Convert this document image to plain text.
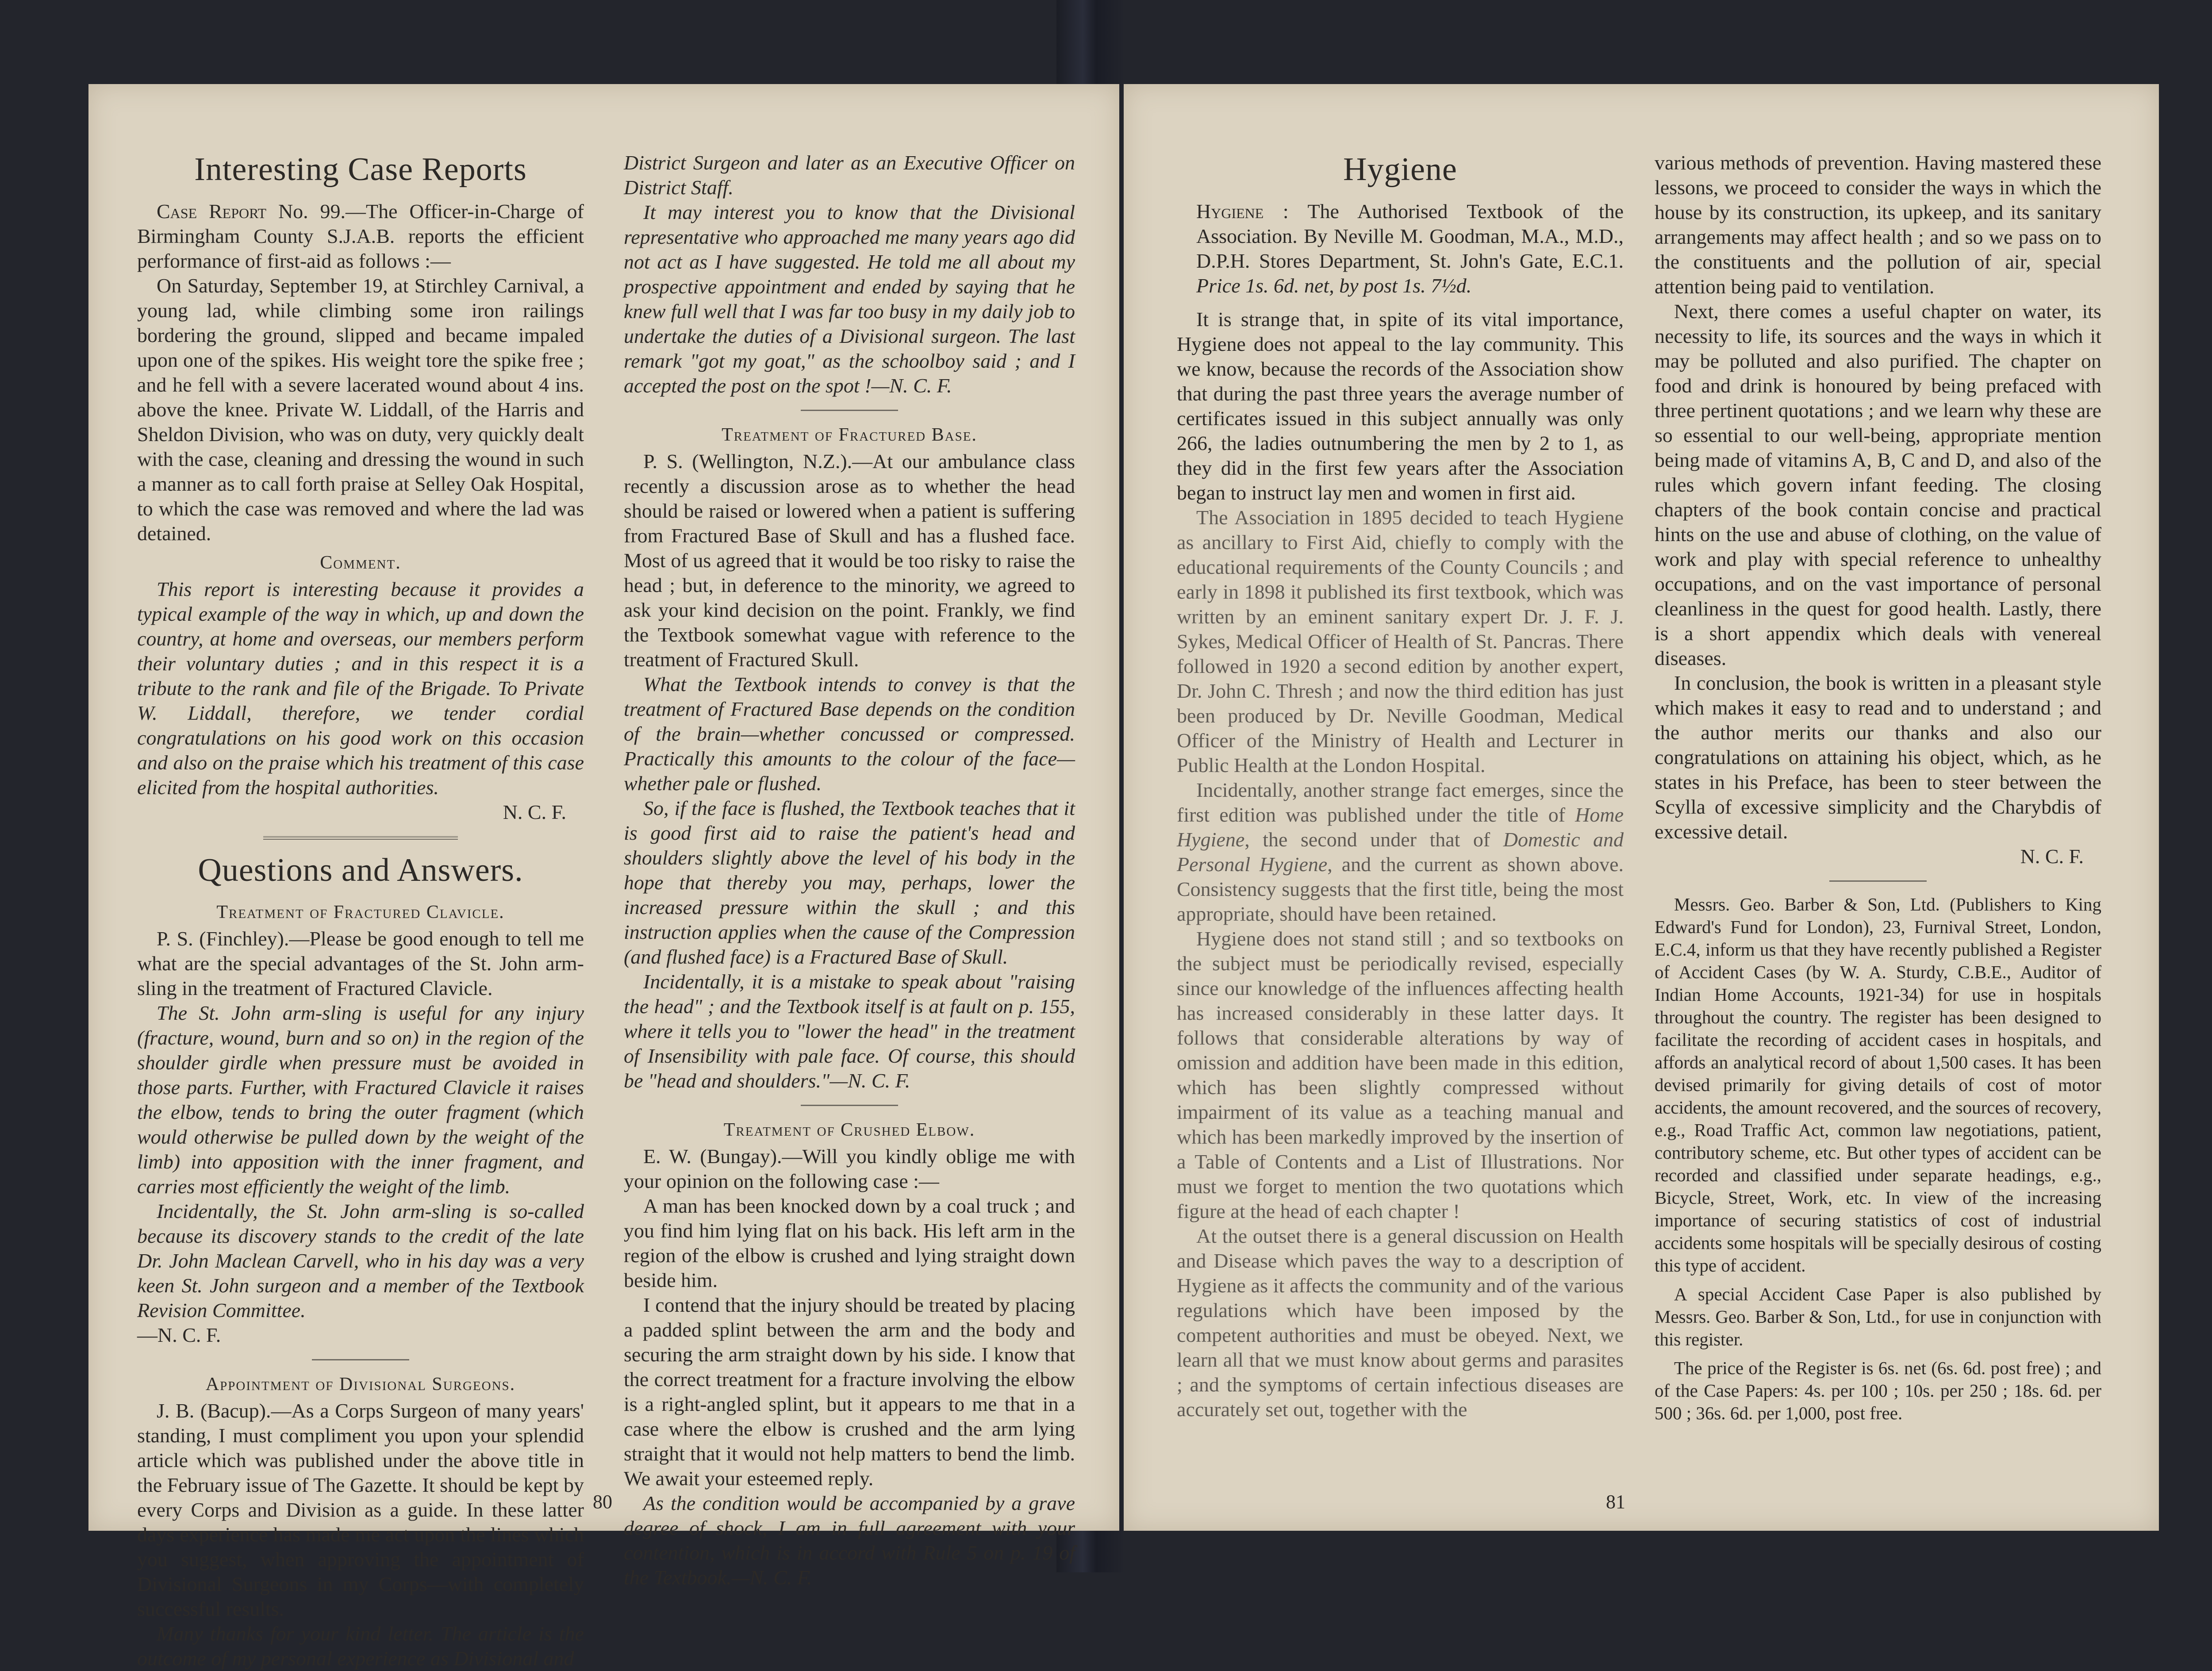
Interesting Case Reports

Case Report No. 99.—The Officer-in-Charge of Birmingham County S.J.A.B. reports the efficient performance of first-aid as follows :—

On Saturday, September 19, at Stirchley Carnival, a young lad, while climbing some iron railings bordering the ground, slipped and became impaled upon one of the spikes. His weight tore the spike free ; and he fell with a severe lacerated wound about 4 ins. above the knee. Private W. Liddall, of the Harris and Sheldon Division, who was on duty, very quickly dealt with the case, cleaning and dressing the wound in such a manner as to call forth praise at Selley Oak Hospital, to which the case was removed and where the lad was detained.

Comment.

This report is interesting because it provides a typical example of the way in which, up and down the country, at home and overseas, our members perform their voluntary duties ; and in this respect it is a tribute to the rank and file of the Brigade. To Private W. Liddall, therefore, we tender cordial congratulations on his good work on this occasion and also on the praise which his treatment of this case elicited from the hospital authorities.

N. C. F.

Questions and Answers.

Treatment of Fractured Clavicle.

P. S. (Finchley).—Please be good enough to tell me what are the special advantages of the St. John arm-sling in the treatment of Fractured Clavicle.

The St. John arm-sling is useful for any injury (fracture, wound, burn and so on) in the region of the shoulder girdle when pressure must be avoided in those parts. Further, with Fractured Clavicle it raises the elbow, tends to bring the outer fragment (which would otherwise be pulled down by the weight of the limb) into apposition with the inner fragment, and carries most efficiently the weight of the limb.

Incidentally, the St. John arm-sling is so-called because its discovery stands to the credit of the late Dr. John Maclean Carvell, who in his day was a very keen St. John surgeon and a member of the Textbook Revision Committee.

—N. C. F.

Appointment of Divisional Surgeons.

J. B. (Bacup).—As a Corps Surgeon of many years' standing, I must compliment you upon your splendid article which was published under the above title in the February issue of The Gazette. It should be kept by every Corps and Division as a guide. In these latter days experience has made me act upon the lines which you suggest, when approving the appointment of Divisional Surgeons in my Corps—with completely successful results.

Many thanks for your kind letter. The article is the outcome of my personal experience as Divisional and

District Surgeon and later as an Executive Officer on District Staff.

It may interest you to know that the Divisional representative who approached me many years ago did not act as I have suggested. He told me all about my prospective appointment and ended by saying that he knew full well that I was far too busy in my daily job to undertake the duties of a Divisional surgeon. The last remark "got my goat," as the schoolboy said ; and I accepted the post on the spot !—N. C. F.

Treatment of Fractured Base.

P. S. (Wellington, N.Z.).—At our ambulance class recently a discussion arose as to whether the head should be raised or lowered when a patient is suffering from Fractured Base of Skull and has a flushed face. Most of us agreed that it would be too risky to raise the head ; but, in deference to the minority, we agreed to ask your kind decision on the point. Frankly, we find the Textbook somewhat vague with reference to the treatment of Fractured Skull.

What the Textbook intends to convey is that the treatment of Fractured Base depends on the condition of the brain—whether concussed or compressed. Practically this amounts to the colour of the face—whether pale or flushed.

So, if the face is flushed, the Textbook teaches that it is good first aid to raise the patient's head and shoulders slightly above the level of his body in the hope that thereby you may, perhaps, lower the increased pressure within the skull ; and this instruction applies when the cause of the Compression (and flushed face) is a Fractured Base of Skull.

Incidentally, it is a mistake to speak about "raising the head" ; and the Textbook itself is at fault on p. 155, where it tells you to "lower the head" in the treatment of Insensibility with pale face. Of course, this should be "head and shoulders."—N. C. F.

Treatment of Crushed Elbow.

E. W. (Bungay).—Will you kindly oblige me with your opinion on the following case :—

A man has been knocked down by a coal truck ; and you find him lying flat on his back. His left arm in the region of the elbow is crushed and lying straight down beside him.

I contend that the injury should be treated by placing a padded splint between the arm and the body and securing the arm straight down by his side. I know that the correct treatment for a fracture involving the elbow is a right-angled splint, but it appears to me that in a case where the elbow is crushed and the arm lying straight that it would not help matters to bend the limb. We await your esteemed reply.

As the condition would be accompanied by a grave degree of shock, I am in full agreement with your contention, which is in accord with Rule 5 on p. 19 of the Textbook.—N. C. F.

80
Hygiene

Hygiene : The Authorised Textbook of the Association. By Neville M. Goodman, M.A., M.D., D.P.H. Stores Department, St. John's Gate, E.C.1. Price 1s. 6d. net, by post 1s. 7½d.

It is strange that, in spite of its vital importance, Hygiene does not appeal to the lay community. This we know, because the records of the Association show that during the past three years the average number of certificates issued in this subject annually was only 266, the ladies outnumbering the men by 2 to 1, as they did in the first few years after the Association began to instruct lay men and women in first aid.

The Association in 1895 decided to teach Hygiene as ancillary to First Aid, chiefly to comply with the educational requirements of the County Councils ; and early in 1898 it published its first textbook, which was written by an eminent sanitary expert Dr. J. F. J. Sykes, Medical Officer of Health of St. Pancras. There followed in 1920 a second edition by another expert, Dr. John C. Thresh ; and now the third edition has just been produced by Dr. Neville Goodman, Medical Officer of the Ministry of Health and Lecturer in Public Health at the London Hospital.

Incidentally, another strange fact emerges, since the first edition was published under the title of Home Hygiene, the second under that of Domestic and Personal Hygiene, and the current as shown above. Consistency suggests that the first title, being the most appropriate, should have been retained.

Hygiene does not stand still ; and so textbooks on the subject must be periodically revised, especially since our knowledge of the influences affecting health has increased considerably in these latter days. It follows that considerable alterations by way of omission and addition have been made in this edition, which has been slightly compressed without impairment of its value as a teaching manual and which has been markedly improved by the insertion of a Table of Contents and a List of Illustrations. Nor must we forget to mention the two quotations which figure at the head of each chapter !

At the outset there is a general discussion on Health and Disease which paves the way to a description of Hygiene as it affects the community and of the various regulations which have been imposed by the competent authorities and must be obeyed. Next, we learn all that we must know about germs and parasites ; and the symptoms of certain infectious diseases are accurately set out, together with the

various methods of prevention. Having mastered these lessons, we proceed to consider the ways in which the house by its construction, its upkeep, and its sanitary arrangements may affect health ; and so we pass on to the constituents and the pollution of air, special attention being paid to ventilation.

Next, there comes a useful chapter on water, its necessity to life, its sources and the ways in which it may be polluted and also purified. The chapter on food and drink is honoured by being prefaced with three pertinent quotations ; and we learn why these are so essential to our well-being, appropriate mention being made of vitamins A, B, C and D, and also of the rules which govern infant feeding. The closing chapters of the book contain concise and practical hints on the use and abuse of clothing, on the value of work and play with special reference to unhealthy occupations, and on the vast importance of personal cleanliness in the quest for good health. Lastly, there is a short appendix which deals with venereal diseases.

In conclusion, the book is written in a pleasant style which makes it easy to read and to understand ; and the author merits our thanks and also our congratulations on attaining his object, which, as he states in his Preface, has been to steer between the Scylla of excessive simplicity and the Charybdis of excessive detail.

N. C. F.

Messrs. Geo. Barber & Son, Ltd. (Publishers to King Edward's Fund for London), 23, Furnival Street, London, E.C.4, inform us that they have recently published a Register of Accident Cases (by W. A. Sturdy, C.B.E., Auditor of Indian Home Accounts, 1921-34) for use in hospitals throughout the country. The register has been designed to facilitate the recording of accident cases in hospitals, and affords an analytical record of about 1,500 cases. It has been devised primarily for giving details of cost of motor accidents, the amount recovered, and the sources of recovery, e.g., Road Traffic Act, common law negotiations, patient, contributory scheme, etc. But other types of accident can be recorded and classified under separate headings, e.g., Bicycle, Street, Work, etc. In view of the increasing importance of securing statistics of cost of industrial accidents some hospitals will be specially desirous of costing this type of accident.

A special Accident Case Paper is also published by Messrs. Geo. Barber & Son, Ltd., for use in conjunction with this register.

The price of the Register is 6s. net (6s. 6d. post free) ; and of the Case Papers: 4s. per 100 ; 10s. per 250 ; 18s. 6d. per 500 ; 36s. 6d. per 1,000, post free.

81
